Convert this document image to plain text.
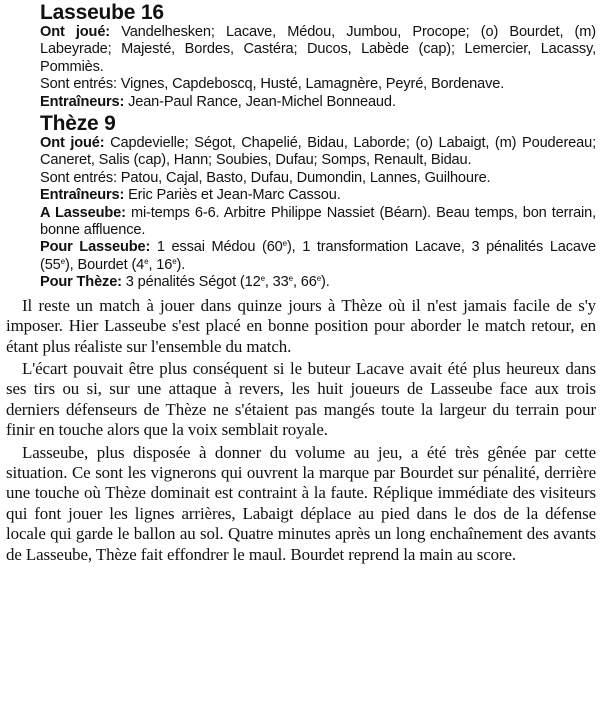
Lasseube 16

Ont joué: Vandelhesken; Lacave, Médou, Jumbou, Procope; (o) Bourdet, (m) Labeyrade; Majesté, Bordes, Castéra; Ducos, Labède (cap); Lemercier, Lacassy, Pommiès.

Sont entrés: Vignes, Capdeboscq, Husté, Lamagnère, Peyré, Bordenave.

Entraîneurs: Jean-Paul Rance, Jean-Michel Bonneaud.

Thèze 9

Ont joué: Capdevielle; Ségot, Chapelié, Bidau, Laborde; (o) Labaigt, (m) Poudereau; Caneret, Salis (cap), Hann; Soubies, Dufau; Somps, Renault, Bidau.

Sont entrés: Patou, Cajal, Basto, Dufau, Dumondin, Lannes, Guilhoure.

Entraîneurs: Eric Pariès et Jean-Marc Cassou.

A Lasseube: mi-temps 6-6. Arbitre Philippe Nassiet (Béarn). Beau temps, bon terrain, bonne affluence.

Pour Lasseube: 1 essai Médou (60e), 1 transformation Lacave, 3 pénalités Lacave (55e), Bourdet (4e, 16e).

Pour Thèze: 3 pénalités Ségot (12e, 33e, 66e).

Il reste un match à jouer dans quinze jours à Thèze où il n'est jamais facile de s'y imposer. Hier Lasseube s'est placé en bonne position pour aborder le match retour, en étant plus réaliste sur l'ensemble du match.

L'écart pouvait être plus conséquent si le buteur Lacave avait été plus heureux dans ses tirs ou si, sur une attaque à revers, les huit joueurs de Lasseube face aux trois derniers défenseurs de Thèze ne s'étaient pas mangés toute la largeur du terrain pour finir en touche alors que la voix semblait royale.

Lasseube, plus disposée à donner du volume au jeu, a été très gênée par cette situation. Ce sont les vignerons qui ouvrent la marque par Bourdet sur pénalité, derrière une touche où Thèze dominait est contraint à la faute. Réplique immédiate des visiteurs qui font jouer les lignes arrières, Labaigt déplace au pied dans le dos de la défense locale qui garde le ballon au sol. Quatre minutes après un long enchaînement des avants de Lasseube, Thèze fait effondrer le maul. Bourdet reprend la main au score.
